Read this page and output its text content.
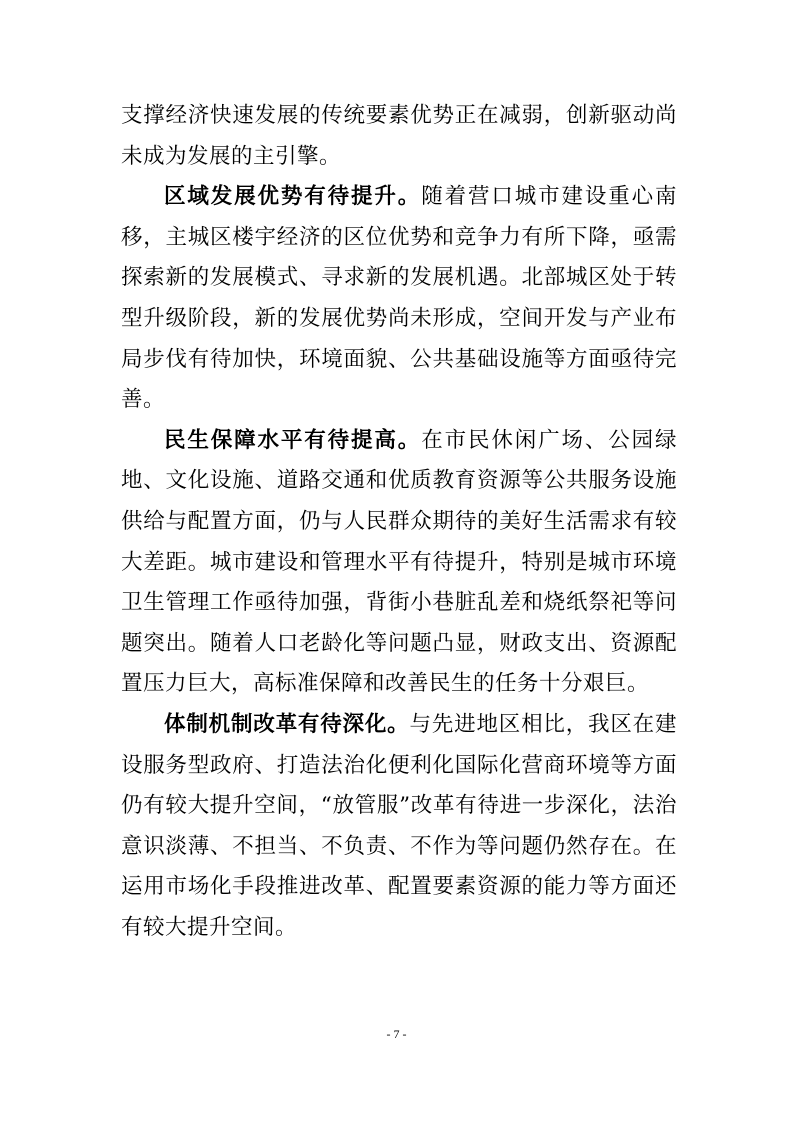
支撑经济快速发展的传统要素优势正在减弱，创新驱动尚未成为发展的主引擎。

区域发展优势有待提升。随着营口城市建设重心南移，主城区楼宇经济的区位优势和竞争力有所下降，亟需探索新的发展模式、寻求新的发展机遇。北部城区处于转型升级阶段，新的发展优势尚未形成，空间开发与产业布局步伐有待加快，环境面貌、公共基础设施等方面亟待完善。

民生保障水平有待提高。在市民休闲广场、公园绿地、文化设施、道路交通和优质教育资源等公共服务设施供给与配置方面，仍与人民群众期待的美好生活需求有较大差距。城市建设和管理水平有待提升，特别是城市环境卫生管理工作亟待加强，背街小巷脏乱差和烧纸祭祀等问题突出。随着人口老龄化等问题凸显，财政支出、资源配置压力巨大，高标准保障和改善民生的任务十分艰巨。

体制机制改革有待深化。与先进地区相比，我区在建设服务型政府、打造法治化便利化国际化营商环境等方面仍有较大提升空间，“放管服”改革有待进一步深化，法治意识淡薄、不担当、不负责、不作为等问题仍然存在。在运用市场化手段推进改革、配置要素资源的能力等方面还有较大提升空间。

- 7 -
